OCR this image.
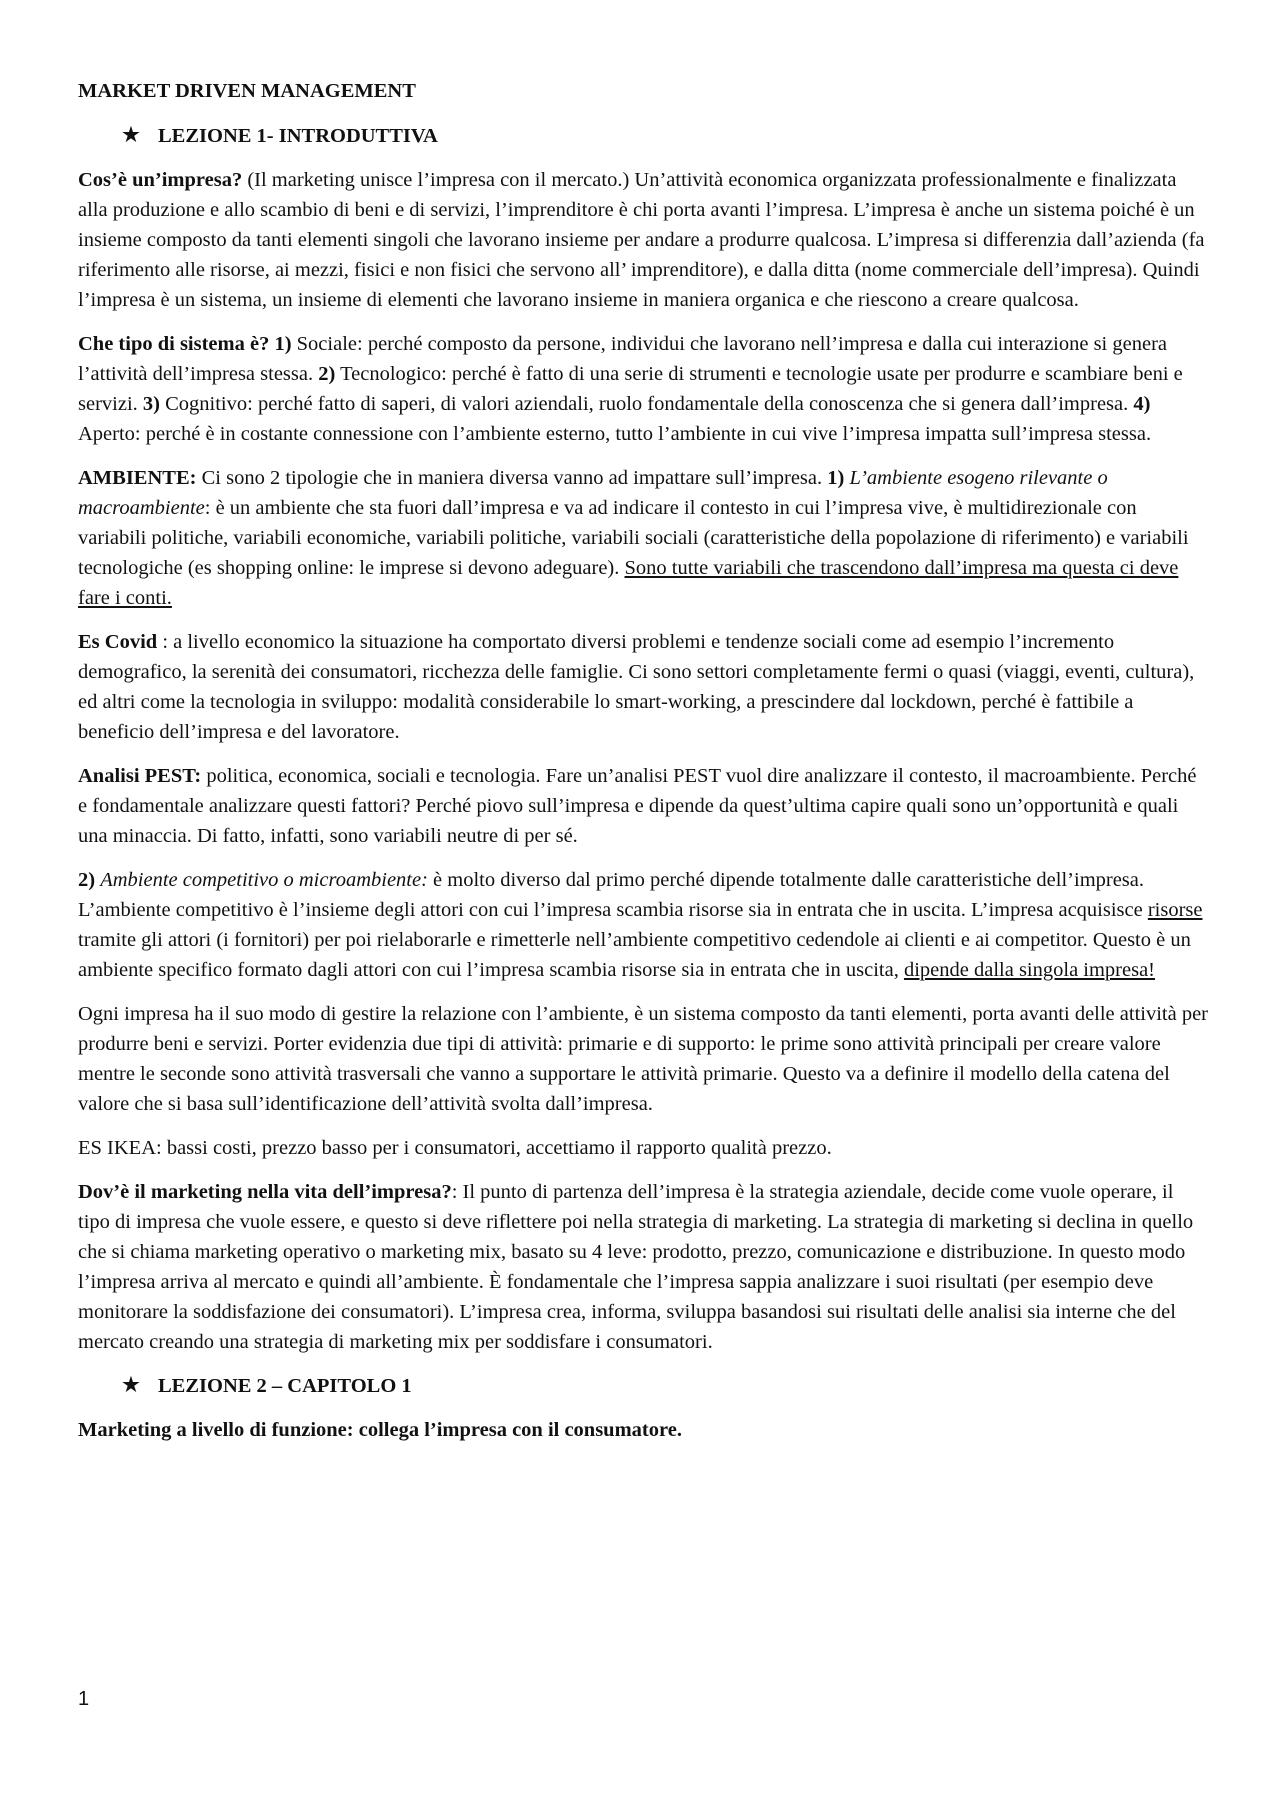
MARKET DRIVEN MANAGEMENT
✭ LEZIONE 1- INTRODUTTIVA

Cos’è un’impresa? (Il marketing unisce l’impresa con il mercato.) Un’attività economica organizzata professionalmente e finalizzata alla produzione e allo scambio di beni e di servizi, l’imprenditore è chi porta avanti l’impresa. L’impresa è anche un sistema poiché è un insieme composto da tanti elementi singoli che lavorano insieme per andare a produrre qualcosa. L’impresa si differenzia dall’azienda (fa riferimento alle risorse, ai mezzi, fisici e non fisici che servono all’ imprenditore), e dalla ditta (nome commerciale dell’impresa). Quindi l’impresa è un sistema, un insieme di elementi che lavorano insieme in maniera organica e che riescono a creare qualcosa.

Che tipo di sistema è? 1) Sociale: perché composto da persone, individui che lavorano nell’impresa e dalla cui interazione si genera l’attività dell’impresa stessa. 2) Tecnologico: perché è fatto di una serie di strumenti e tecnologie usate per produrre e scambiare beni e servizi. 3) Cognitivo: perché fatto di saperi, di valori aziendali, ruolo fondamentale della conoscenza che si genera dall’impresa. 4) Aperto: perché è in costante connessione con l’ambiente esterno, tutto l’ambiente in cui vive l’impresa impatta sull’impresa stessa.

AMBIENTE: Ci sono 2 tipologie che in maniera diversa vanno ad impattare sull’impresa. 1) L’ambiente esogeno rilevante o macroambiente: è un ambiente che sta fuori dall’impresa e va ad indicare il contesto in cui l’impresa vive, è multidirezionale con variabili politiche, variabili economiche, variabili politiche, variabili sociali (caratteristiche della popolazione di riferimento) e variabili tecnologiche (es shopping online: le imprese si devono adeguare). Sono tutte variabili che trascendono dall’impresa ma questa ci deve fare i conti.

Es Covid : a livello economico la situazione ha comportato diversi problemi e tendenze sociali come ad esempio l’incremento demografico, la serenità dei consumatori, ricchezza delle famiglie. Ci sono settori completamente fermi o quasi (viaggi, eventi, cultura), ed altri come la tecnologia in sviluppo: modalità considerabile lo smart-working, a prescindere dal lockdown, perché è fattibile a beneficio dell’impresa e del lavoratore.

Analisi PEST: politica, economica, sociali e tecnologia. Fare un’analisi PEST vuol dire analizzare il contesto, il macroambiente. Perché e fondamentale analizzare questi fattori? Perché piovo sull’impresa e dipende da quest’ultima capire quali sono un’opportunità e quali una minaccia. Di fatto, infatti, sono variabili neutre di per sé.

2) Ambiente competitivo o microambiente: è molto diverso dal primo perché dipende totalmente dalle caratteristiche dell’impresa. L’ambiente competitivo è l’insieme degli attori con cui l’impresa scambia risorse sia in entrata che in uscita. L’impresa acquisisce risorse tramite gli attori (i fornitori) per poi rielaborarle e rimetterle nell’ambiente competitivo cedendole ai clienti e ai competitor. Questo è un ambiente specifico formato dagli attori con cui l’impresa scambia risorse sia in entrata che in uscita, dipende dalla singola impresa!

Ogni impresa ha il suo modo di gestire la relazione con l’ambiente, è un sistema composto da tanti elementi, porta avanti delle attività per produrre beni e servizi. Porter evidenzia due tipi di attività: primarie e di supporto: le prime sono attività principali per creare valore mentre le seconde sono attività trasversali che vanno a supportare le attività primarie. Questo va a definire il modello della catena del valore che si basa sull’identificazione dell’attività svolta dall’impresa.

ES IKEA: bassi costi, prezzo basso per i consumatori, accettiamo il rapporto qualità prezzo.

Dov’è il marketing nella vita dell’impresa?: Il punto di partenza dell’impresa è la strategia aziendale, decide come vuole operare, il tipo di impresa che vuole essere, e questo si deve riflettere poi nella strategia di marketing. La strategia di marketing si declina in quello che si chiama marketing operativo o marketing mix, basato su 4 leve: prodotto, prezzo, comunicazione e distribuzione. In questo modo l’impresa arriva al mercato e quindi all’ambiente. È fondamentale che l’impresa sappia analizzare i suoi risultati (per esempio deve monitorare la soddisfazione dei consumatori). L’impresa crea, informa, sviluppa basandosi sui risultati delle analisi sia interne che del mercato creando una strategia di marketing mix per soddisfare i consumatori.

✭ LEZIONE 2 – CAPITOLO 1

Marketing a livello di funzione: collega l’impresa con il consumatore.

1
